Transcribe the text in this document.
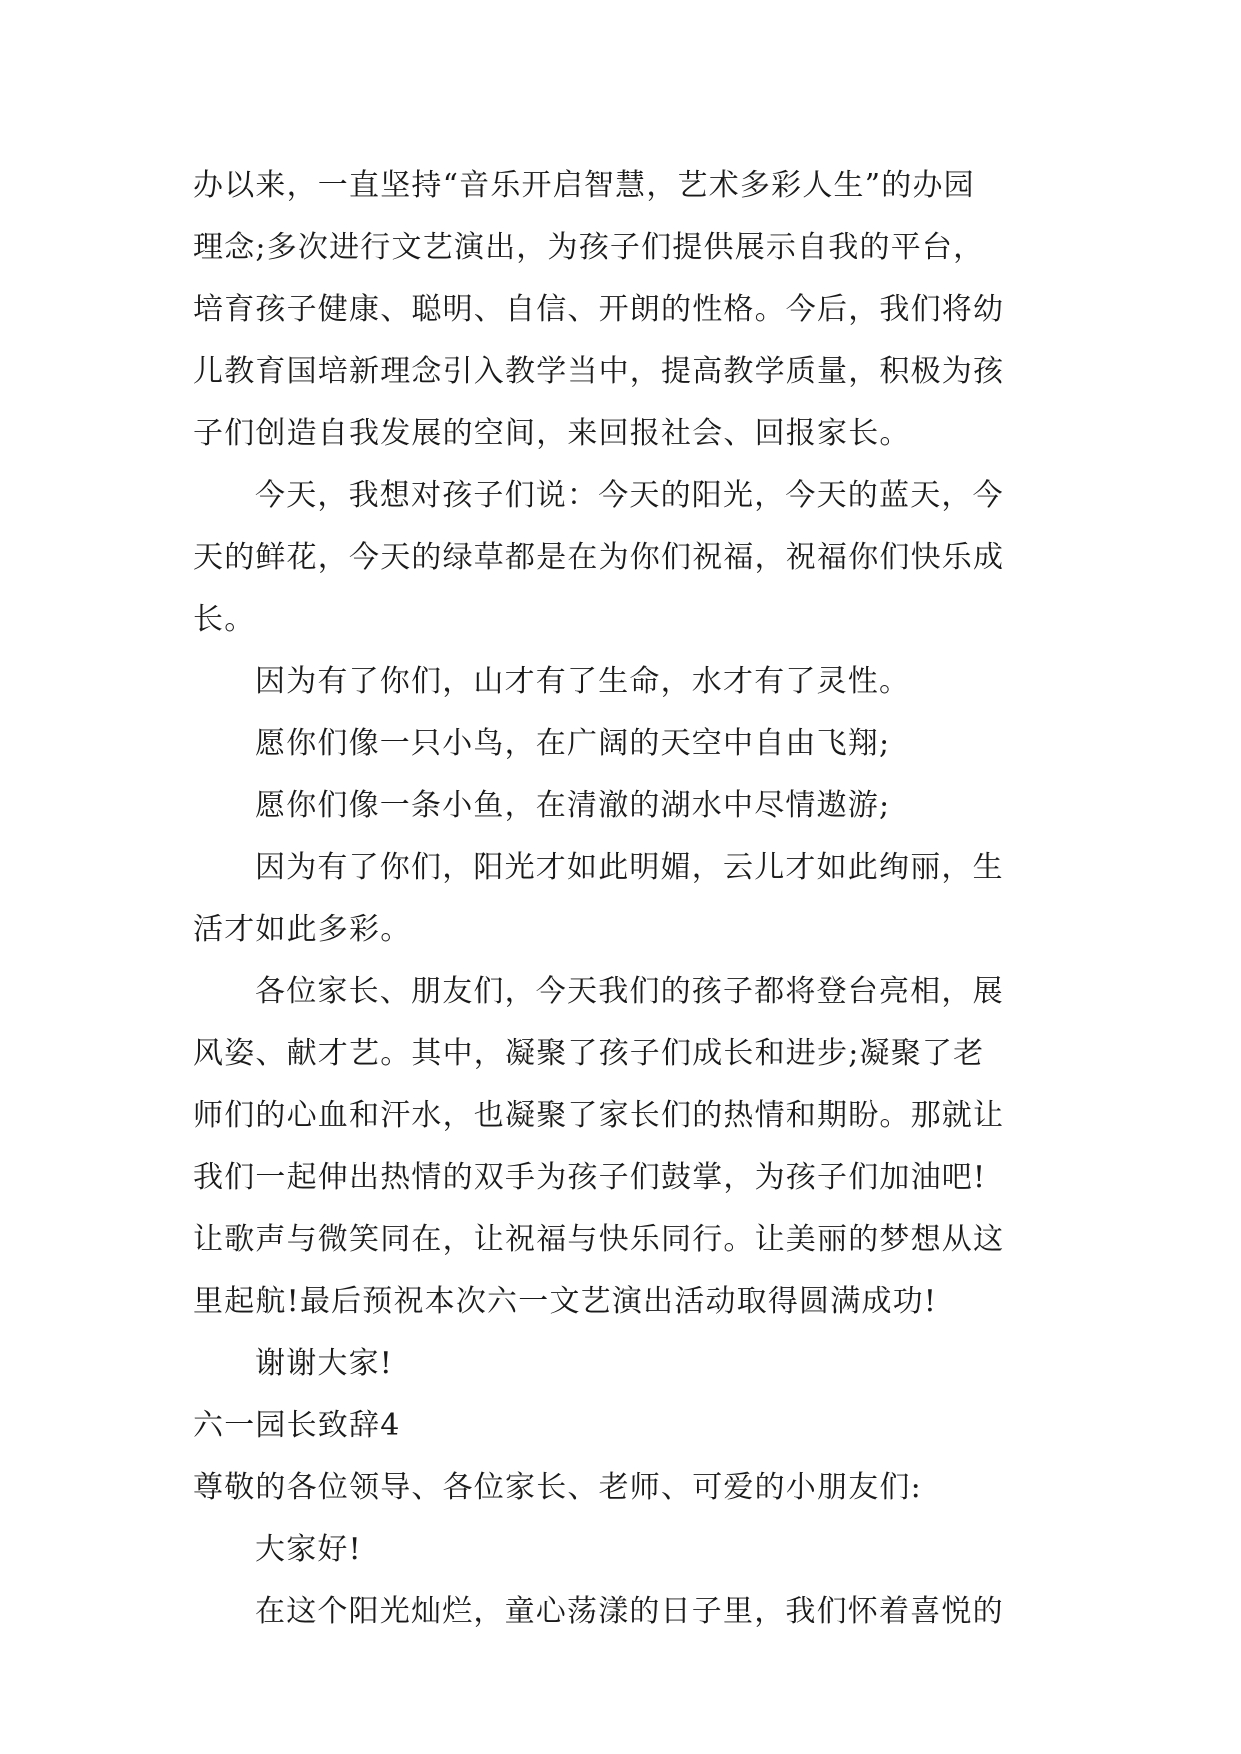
办以来，一直坚持“音乐开启智慧，艺术多彩人生”的办园
理念;多次进行文艺演出，为孩子们提供展示自我的平台，
培育孩子健康、聪明、自信、开朗的性格。今后，我们将幼
儿教育国培新理念引入教学当中，提高教学质量，积极为孩
子们创造自我发展的空间，来回报社会、回报家长。
今天，我想对孩子们说：今天的阳光，今天的蓝天，今
天的鲜花，今天的绿草都是在为你们祝福，祝福你们快乐成
长。
因为有了你们，山才有了生命，水才有了灵性。
愿你们像一只小鸟，在广阔的天空中自由飞翔;
愿你们像一条小鱼，在清澈的湖水中尽情遨游;
因为有了你们，阳光才如此明媚，云儿才如此绚丽，生
活才如此多彩。
各位家长、朋友们，今天我们的孩子都将登台亮相，展
风姿、献才艺。其中，凝聚了孩子们成长和进步;凝聚了老
师们的心血和汗水，也凝聚了家长们的热情和期盼。那就让
我们一起伸出热情的双手为孩子们鼓掌，为孩子们加油吧!
让歌声与微笑同在，让祝福与快乐同行。让美丽的梦想从这
里起航!最后预祝本次六一文艺演出活动取得圆满成功!
谢谢大家!
六一园长致辞4
尊敬的各位领导、各位家长、老师、可爱的小朋友们:
大家好!
在这个阳光灿烂，童心荡漾的日子里，我们怀着喜悦的
